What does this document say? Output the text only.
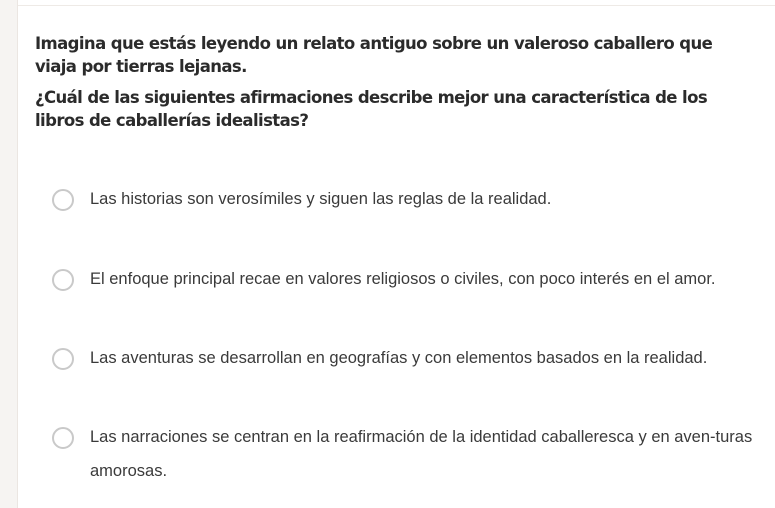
Imagina que estás leyendo un relato antiguo sobre un valeroso caballero que viaja por tierras lejanas.

¿Cuál de las siguientes afirmaciones describe mejor una característica de los libros de caballerías idealistas?

Las historias son verosímiles y siguen las reglas de la realidad.
El enfoque principal recae en valores religiosos o civiles, con poco interés en el amor.
Las aventuras se desarrollan en geografías y con elementos basados en la realidad.
Las narraciones se centran en la reafirmación de la identidad caballeresca y en aven-turas amorosas.
